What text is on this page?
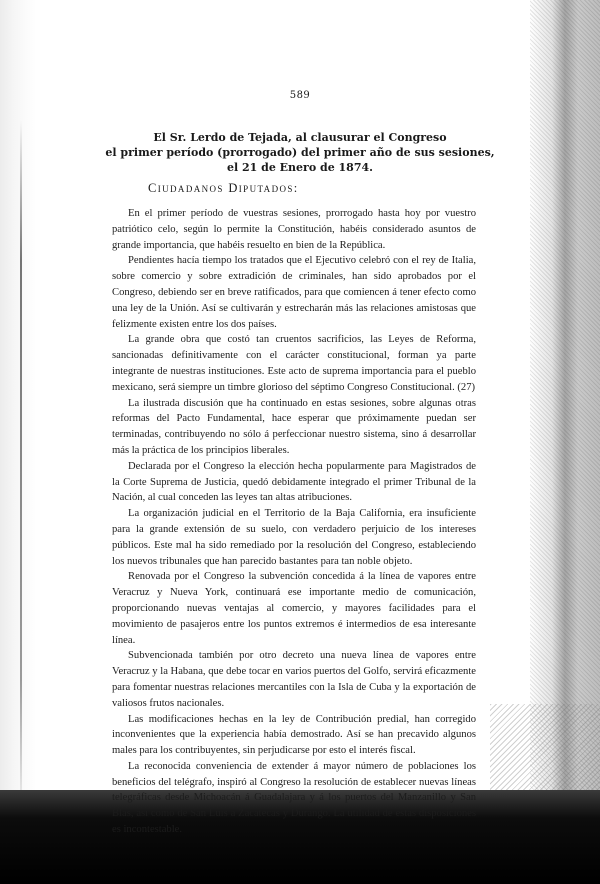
589
El Sr. Lerdo de Tejada, al clausurar el Congreso
el primer período (prorrogado) del primer año de sus sesiones,
el 21 de Enero de 1874.
Ciudadanos Diputados:

En el primer período de vuestras sesiones, prorrogado hasta hoy por vuestro patriótico celo, según lo permite la Constitución, habéis considerado asuntos de grande importancia, que habéis resuelto en bien de la República.

Pendientes hacía tiempo los tratados que el Ejecutivo celebró con el rey de Italia, sobre comercio y sobre extradición de criminales, han sido aprobados por el Congreso, debiendo ser en breve ratificados, para que comiencen á tener efecto como una ley de la Unión. Así se cultivarán y estrecharán más las relaciones amistosas que felizmente existen entre los dos países.

La grande obra que costó tan cruentos sacrificios, las Leyes de Reforma, sancionadas definitivamente con el carácter constitucional, forman ya parte integrante de nuestras instituciones. Este acto de suprema importancia para el pueblo mexicano, será siempre un timbre glorioso del séptimo Congreso Constitucional. (27)

La ilustrada discusión que ha continuado en estas sesiones, sobre algunas otras reformas del Pacto Fundamental, hace esperar que próximamente puedan ser terminadas, contribuyendo no sólo á perfeccionar nuestro sistema, sino á desarrollar más la práctica de los principios liberales.

Declarada por el Congreso la elección hecha popularmente para Magistrados de la Corte Suprema de Justicia, quedó debidamente integrado el primer Tribunal de la Nación, al cual conceden las leyes tan altas atribuciones.

La organización judicial en el Territorio de la Baja California, era insuficiente para la grande extensión de su suelo, con verdadero perjuicio de los intereses públicos. Este mal ha sido remediado por la resolución del Congreso, estableciendo los nuevos tribunales que han parecido bastantes para tan noble objeto.

Renovada por el Congreso la subvención concedida á la línea de vapores entre Veracruz y Nueva York, continuará ese importante medio de comunicación, proporcionando nuevas ventajas al comercio, y mayores facilidades para el movimiento de pasajeros entre los puntos extremos é intermedios de esa interesante línea.

Subvencionada también por otro decreto una nueva línea de vapores entre Veracruz y la Habana, que debe tocar en varios puertos del Golfo, servirá eficazmente para fomentar nuestras relaciones mercantiles con la Isla de Cuba y la exportación de valiosos frutos nacionales.

Las modificaciones hechas en la ley de Contribución predial, han corregido inconvenientes que la experiencia había demostrado. Así se han precavido algunos males para los contribuyentes, sin perjudicarse por esto el interés fiscal.

La reconocida conveniencia de extender á mayor número de poblaciones los beneficios del telégrafo, inspiró al Congreso la resolución de establecer nuevas líneas telegráficas desde Michoacán á Guadalajara y á los puertos del Manzanillo y San Blas, así como de San Luis á Zacatecas y Durango. La utilidad de estas disposiciones es incontestable.
